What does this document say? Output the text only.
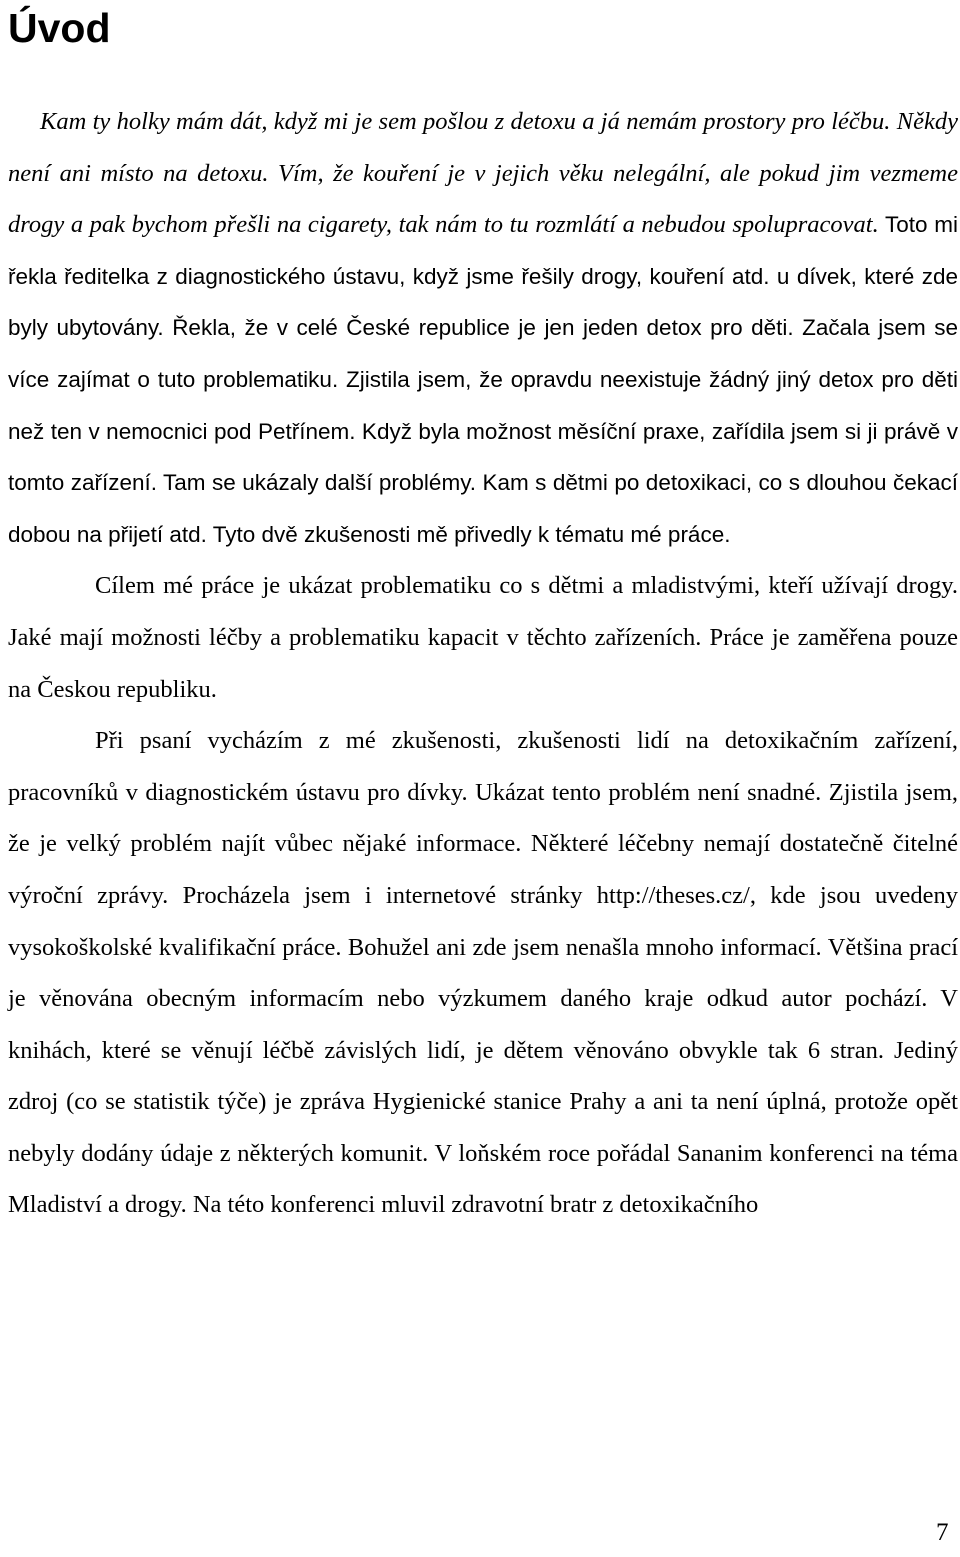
Úvod

Kam ty holky mám dát, když mi je sem pošlou z detoxu a já nemám prostory pro léčbu. Někdy není ani místo na detoxu. Vím, že kouření je v jejich věku nelegální, ale pokud jim vezmeme drogy a pak bychom přešli na cigarety, tak nám to tu rozmlátí a nebudou spolupracovat. Toto mi řekla ředitelka z diagnostického ústavu, když jsme řešily drogy, kouření atd. u dívek, které zde byly ubytovány. Řekla, že v celé České republice je jen jeden detox pro děti. Začala jsem se více zajímat o tuto problematiku. Zjistila jsem, že opravdu neexistuje žádný jiný detox pro děti než ten v nemocnici pod Petřínem. Když byla možnost měsíční praxe, zařídila jsem si ji právě v tomto zařízení. Tam se ukázaly další problémy. Kam s dětmi po detoxikaci, co s dlouhou čekací dobou na přijetí atd. Tyto dvě zkušenosti mě přivedly k tématu mé práce.

Cílem mé práce je ukázat problematiku co s dětmi a mladistvými, kteří užívají drogy. Jaké mají možnosti léčby a problematiku kapacit v těchto zařízeních. Práce je zaměřena pouze na Českou republiku.

Při psaní vycházím z mé zkušenosti, zkušenosti lidí na detoxikačním zařízení, pracovníků v diagnostickém ústavu pro dívky. Ukázat tento problém není snadné. Zjistila jsem, že je velký problém najít vůbec nějaké informace. Některé léčebny nemají dostatečně čitelné výroční zprávy. Procházela jsem i internetové stránky http://theses.cz/, kde jsou uvedeny vysokoškolské kvalifikační práce. Bohužel ani zde jsem nenašla mnoho informací. Většina prací je věnována obecným informacím nebo výzkumem daného kraje odkud autor pochází. V knihách, které se věnují léčbě závislých lidí, je dětem věnováno obvykle tak 6 stran. Jediný zdroj (co se statistik týče) je zpráva Hygienické stanice Prahy a ani ta není úplná, protože opět nebyly dodány údaje z některých komunit. V loňském roce pořádal Sananim konferenci na téma Mladiství a drogy. Na této konferenci mluvil zdravotní bratr z detoxikačního

7
